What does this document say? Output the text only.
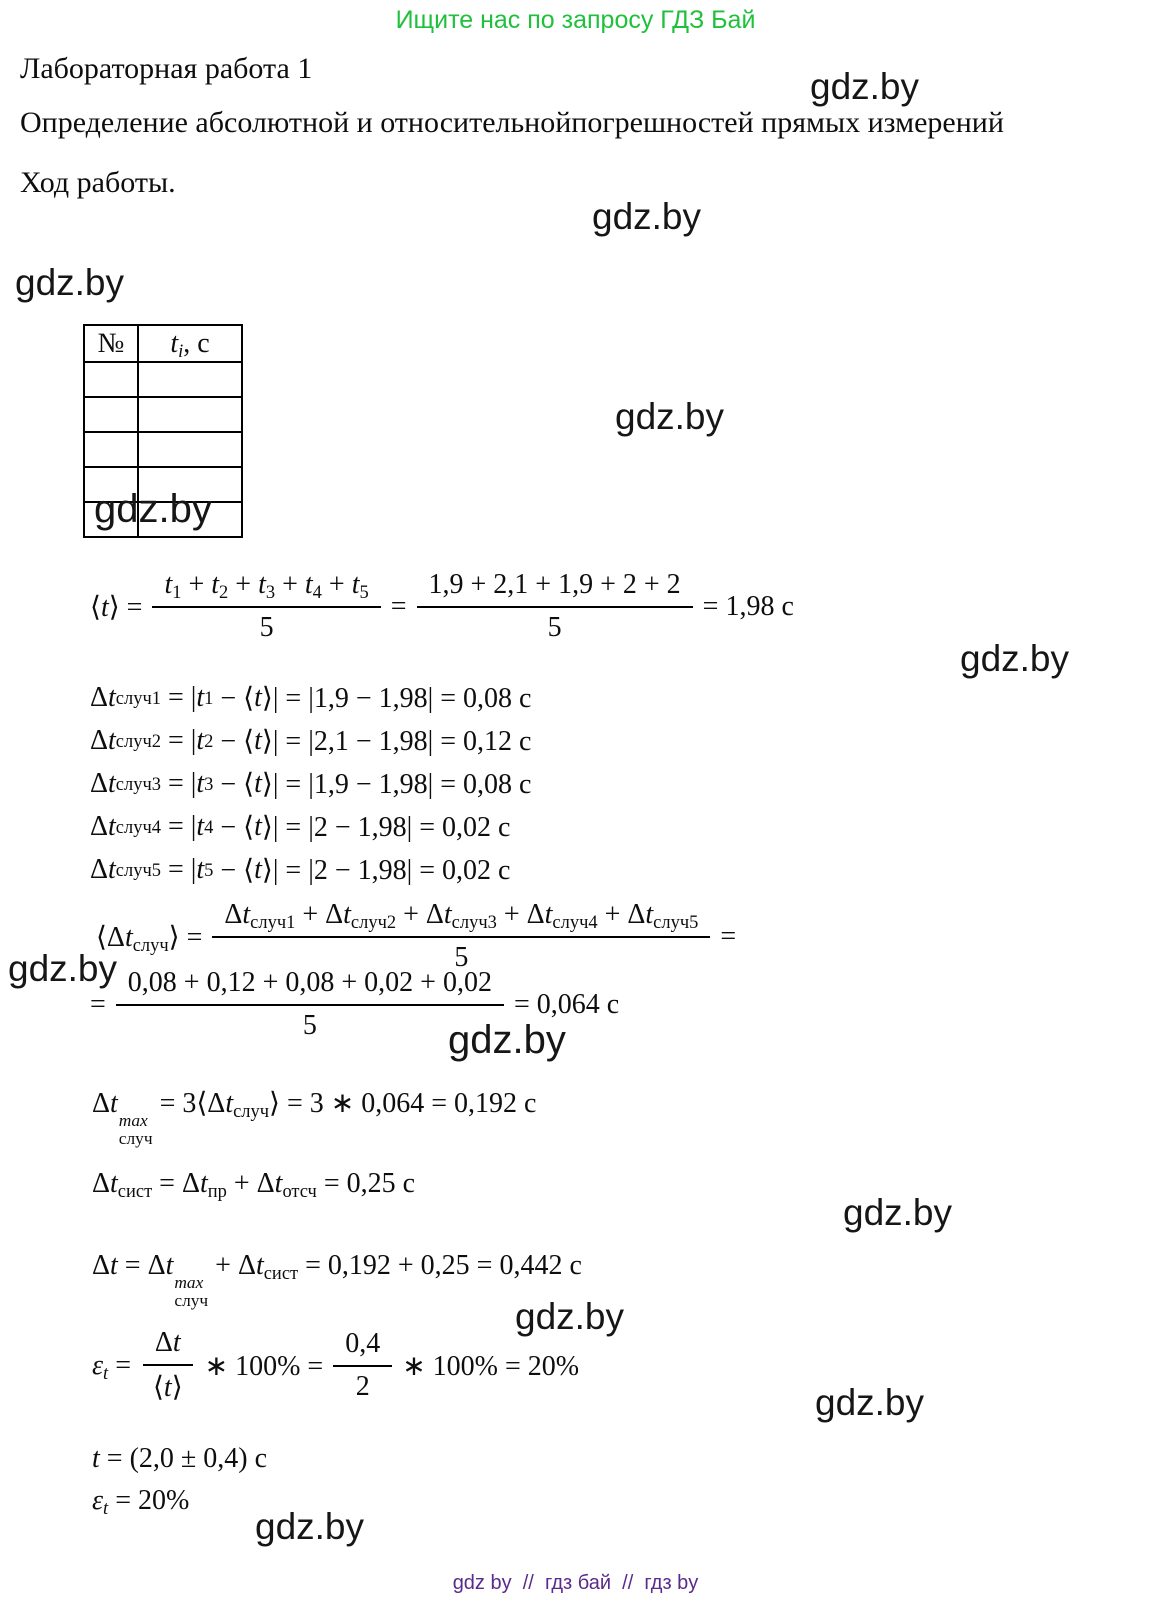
Ищите нас по запросу ГДЗ Бай
Лабораторная работа 1	gdz.by
Определение абсолютной и относительнойпогрешностей прямых измерений
Ход работы.
gdz.by
gdz.by
№	$t_i$, с

gdz.by
gdz.by
⟨t⟩ = $\frac{t_1 + t_2 + t_3 + t_4 + t_5}{5} = \frac{1,9 + 2,1 + 1,9 + 2 + 2}{5} = 1,98$ с
gdz.by
Δ t случ1 = | t 1 − ⟨ t ⟩| = |1,9 − 1,98| = 0,08 с
Δ t случ2 = | t 2 − ⟨ t ⟩| = |2,1 − 1,98| = 0,12 с
Δ t случ3 = | t 3 − ⟨ t ⟩| = |1,9 − 1,98| = 0,08 с
Δ t случ4 = | t 4 − ⟨ t ⟩| = |2 − 1,98| = 0,02 с
Δ t случ5 = | t 5 − ⟨ t ⟩| = |2 − 1,98| = 0,02 с
$⟨\Delta t_{случ}⟩ = \frac{\Delta t_{случ1} + \Delta t_{случ2} + \Delta t_{случ3} + \Delta t_{случ4} + \Delta t_{случ5}}{5}$ =
gdz.by
= $\frac{0,08 + 0,12 + 0,08 + 0,02 + 0,02}{5} = 0,064$ с
gdz.by
Δt
max
случ
= $3⟨\Delta t_{случ}⟩ = 3$ ∗ 0,064 = 0,192 с
$\Delta t_{сист} = \Delta t_{пр} + \Delta t_{отсч} = 0,25$ с
gdz.by
Δt = Δt
max
случ
+ $\Delta t_{сист} = 0,192 + 0,25 = 0,442$ с
gdz.by
$\varepsilon_t = \frac{\Delta t}{⟨t⟩}$ ∗ $100\% = \frac{0,4}{2}$ ∗ 100% = 20%
gdz.by
t = (2,0 ± 0,4) с
$\varepsilon_t = 20\%$
gdz.by
gdz by  //  гдз бай  //  гдз by
